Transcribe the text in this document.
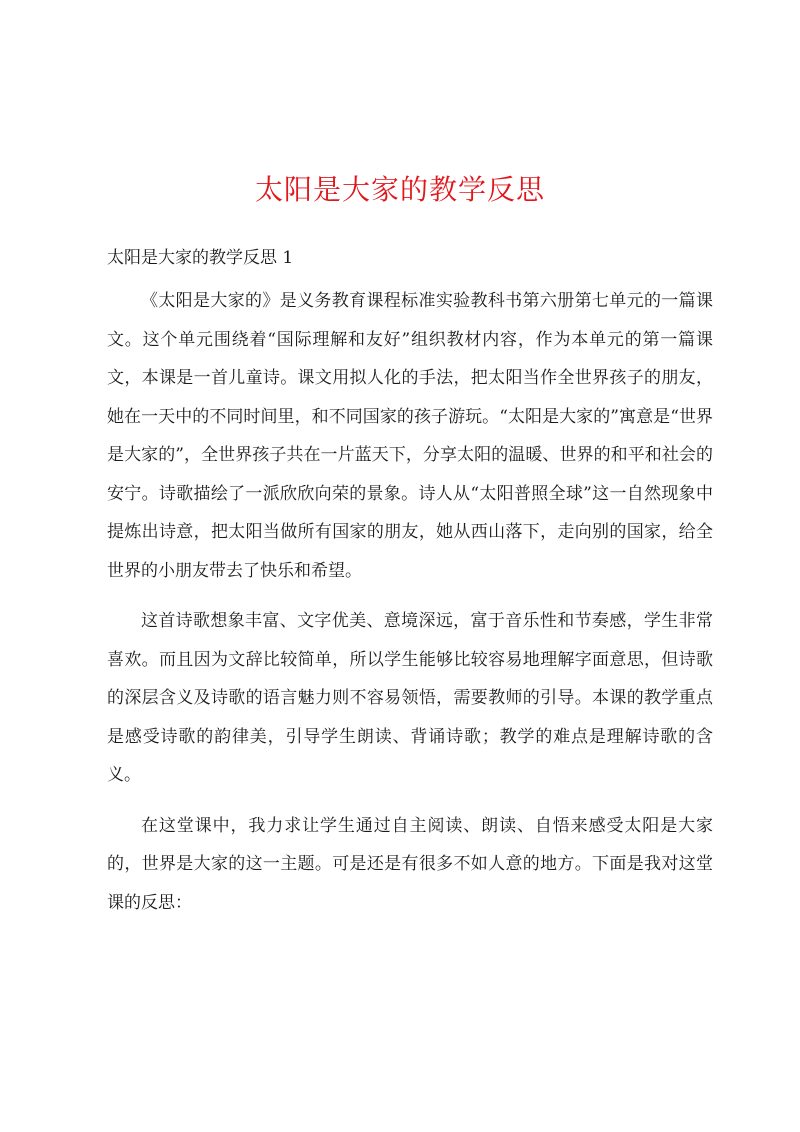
太阳是大家的教学反思
太阳是大家的教学反思 1

《太阳是大家的》是义务教育课程标准实验教科书第六册第七单元的一篇课文。这个单元围绕着“国际理解和友好”组织教材内容，作为本单元的第一篇课文，本课是一首儿童诗。课文用拟人化的手法，把太阳当作全世界孩子的朋友，她在一天中的不同时间里，和不同国家的孩子游玩。“太阳是大家的”寓意是“世界是大家的”，全世界孩子共在一片蓝天下，分享太阳的温暖、世界的和平和社会的安宁。诗歌描绘了一派欣欣向荣的景象。诗人从“太阳普照全球”这一自然现象中提炼出诗意，把太阳当做所有国家的朋友，她从西山落下，走向别的国家，给全世界的小朋友带去了快乐和希望。

这首诗歌想象丰富、文字优美、意境深远，富于音乐性和节奏感，学生非常喜欢。而且因为文辞比较简单，所以学生能够比较容易地理解字面意思，但诗歌的深层含义及诗歌的语言魅力则不容易领悟，需要教师的引导。本课的教学重点是感受诗歌的韵律美，引导学生朗读、背诵诗歌；教学的难点是理解诗歌的含义。

在这堂课中，我力求让学生通过自主阅读、朗读、自悟来感受太阳是大家的，世界是大家的这一主题。可是还是有很多不如人意的地方。下面是我对这堂课的反思：
